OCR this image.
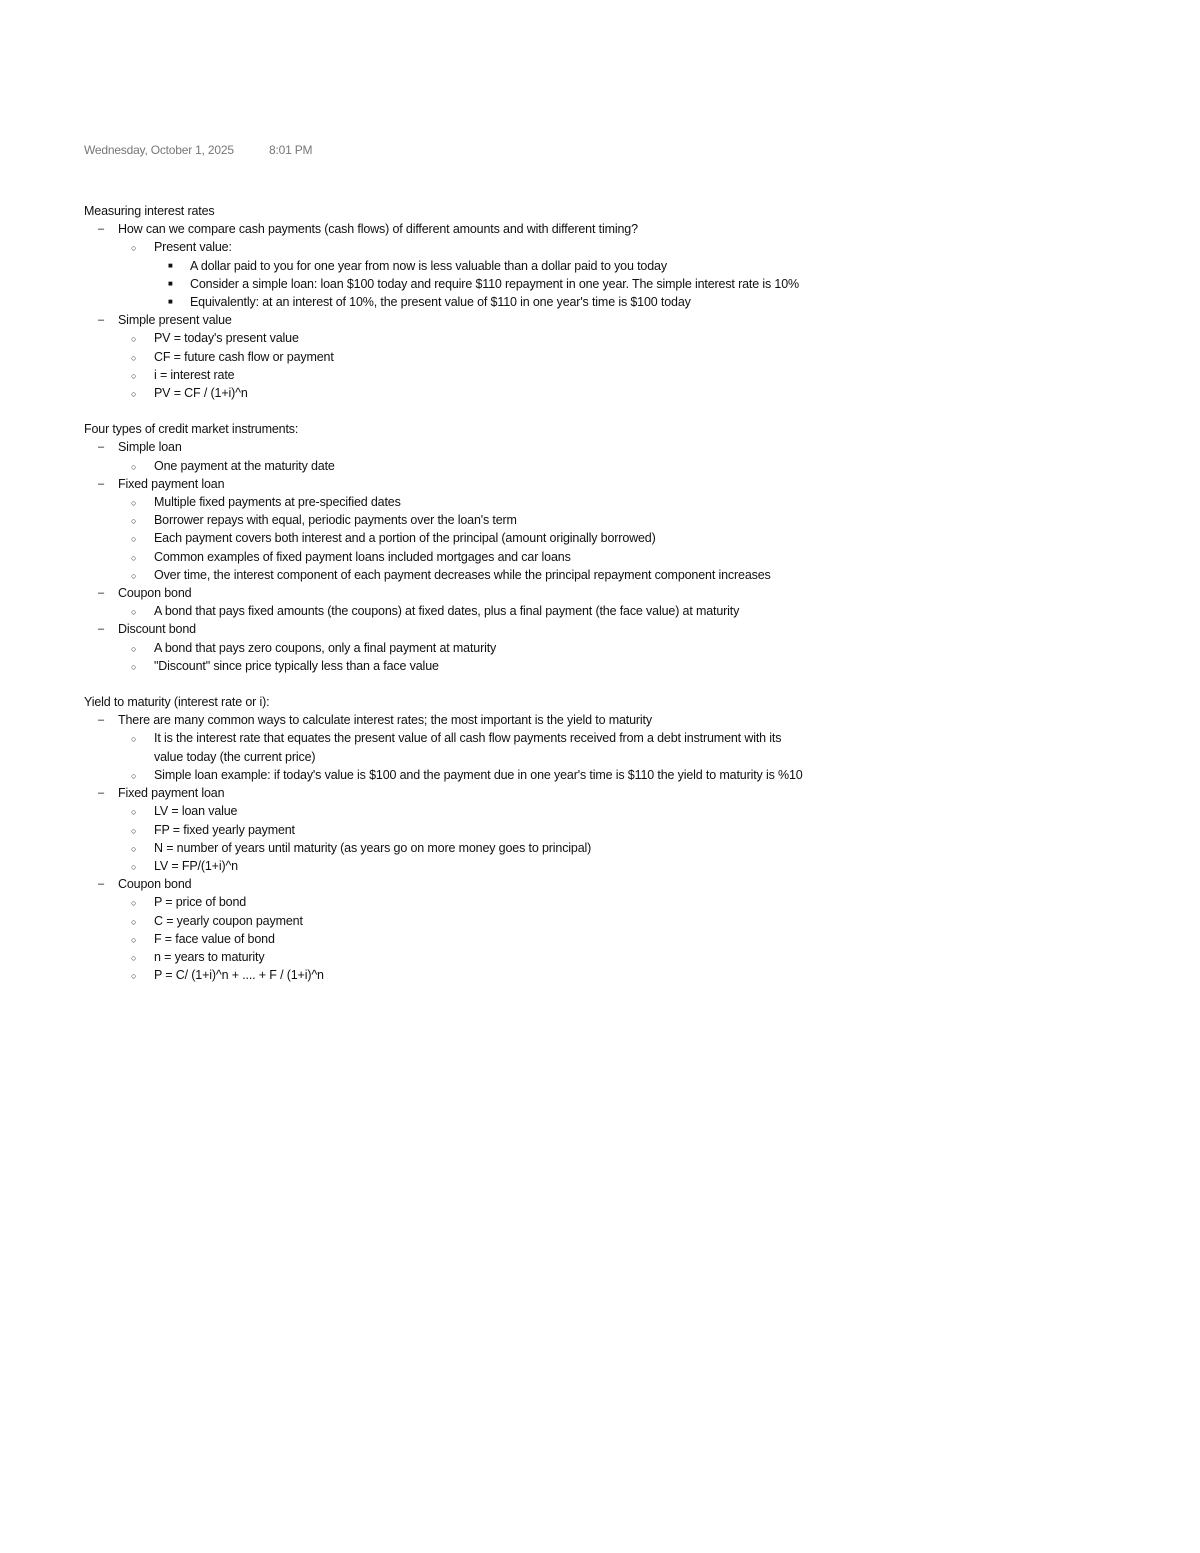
Wednesday, October 1, 2025	8:01 PM

Measuring interest rates

–
How can we compare cash payments (cash flows) of different amounts and with different timing?
○
Present value:
■
A dollar paid to you for one year from now is less valuable than a dollar paid to you today
■
Consider a simple loan: loan $100 today and require $110 repayment in one year. The simple interest rate is 10%
■
Equivalently: at an interest of 10%, the present value of $110 in one year's time is $100 today
–
Simple present value
○
PV = today's present value
○
CF = future cash flow or payment
○
i = interest rate
○
PV = CF / (1+i)^n

Four types of credit market instruments:

–
Simple loan
○
One payment at the maturity date
–
Fixed payment loan
○
Multiple fixed payments at pre-specified dates
○
Borrower repays with equal, periodic payments over the loan's term
○
Each payment covers both interest and a portion of the principal (amount originally borrowed)
○
Common examples of fixed payment loans included mortgages and car loans
○
Over time, the interest component of each payment decreases while the principal repayment component increases
–
Coupon bond
○
A bond that pays fixed amounts (the coupons) at fixed dates, plus a final payment (the face value) at maturity
–
Discount bond
○
A bond that pays zero coupons, only a final payment at maturity
○
"Discount" since price typically less than a face value

Yield to maturity (interest rate or i):

–
There are many common ways to calculate interest rates; the most important is the yield to maturity
○
It is the interest rate that equates the present value of all cash flow payments received from a debt instrument with its value today (the current price)
○
Simple loan example: if today's value is $100 and the payment due in one year's time is $110 the yield to maturity is %10
–
Fixed payment loan
○
LV = loan value
○
FP = fixed yearly payment
○
N = number of years until maturity (as years go on more money goes to principal)
○
LV = FP/(1+i)^n
–
Coupon bond
○
P = price of bond
○
C = yearly coupon payment
○
F = face value of bond
○
n = years to maturity
○
P = C/ (1+i)^n + .... + F / (1+i)^n
